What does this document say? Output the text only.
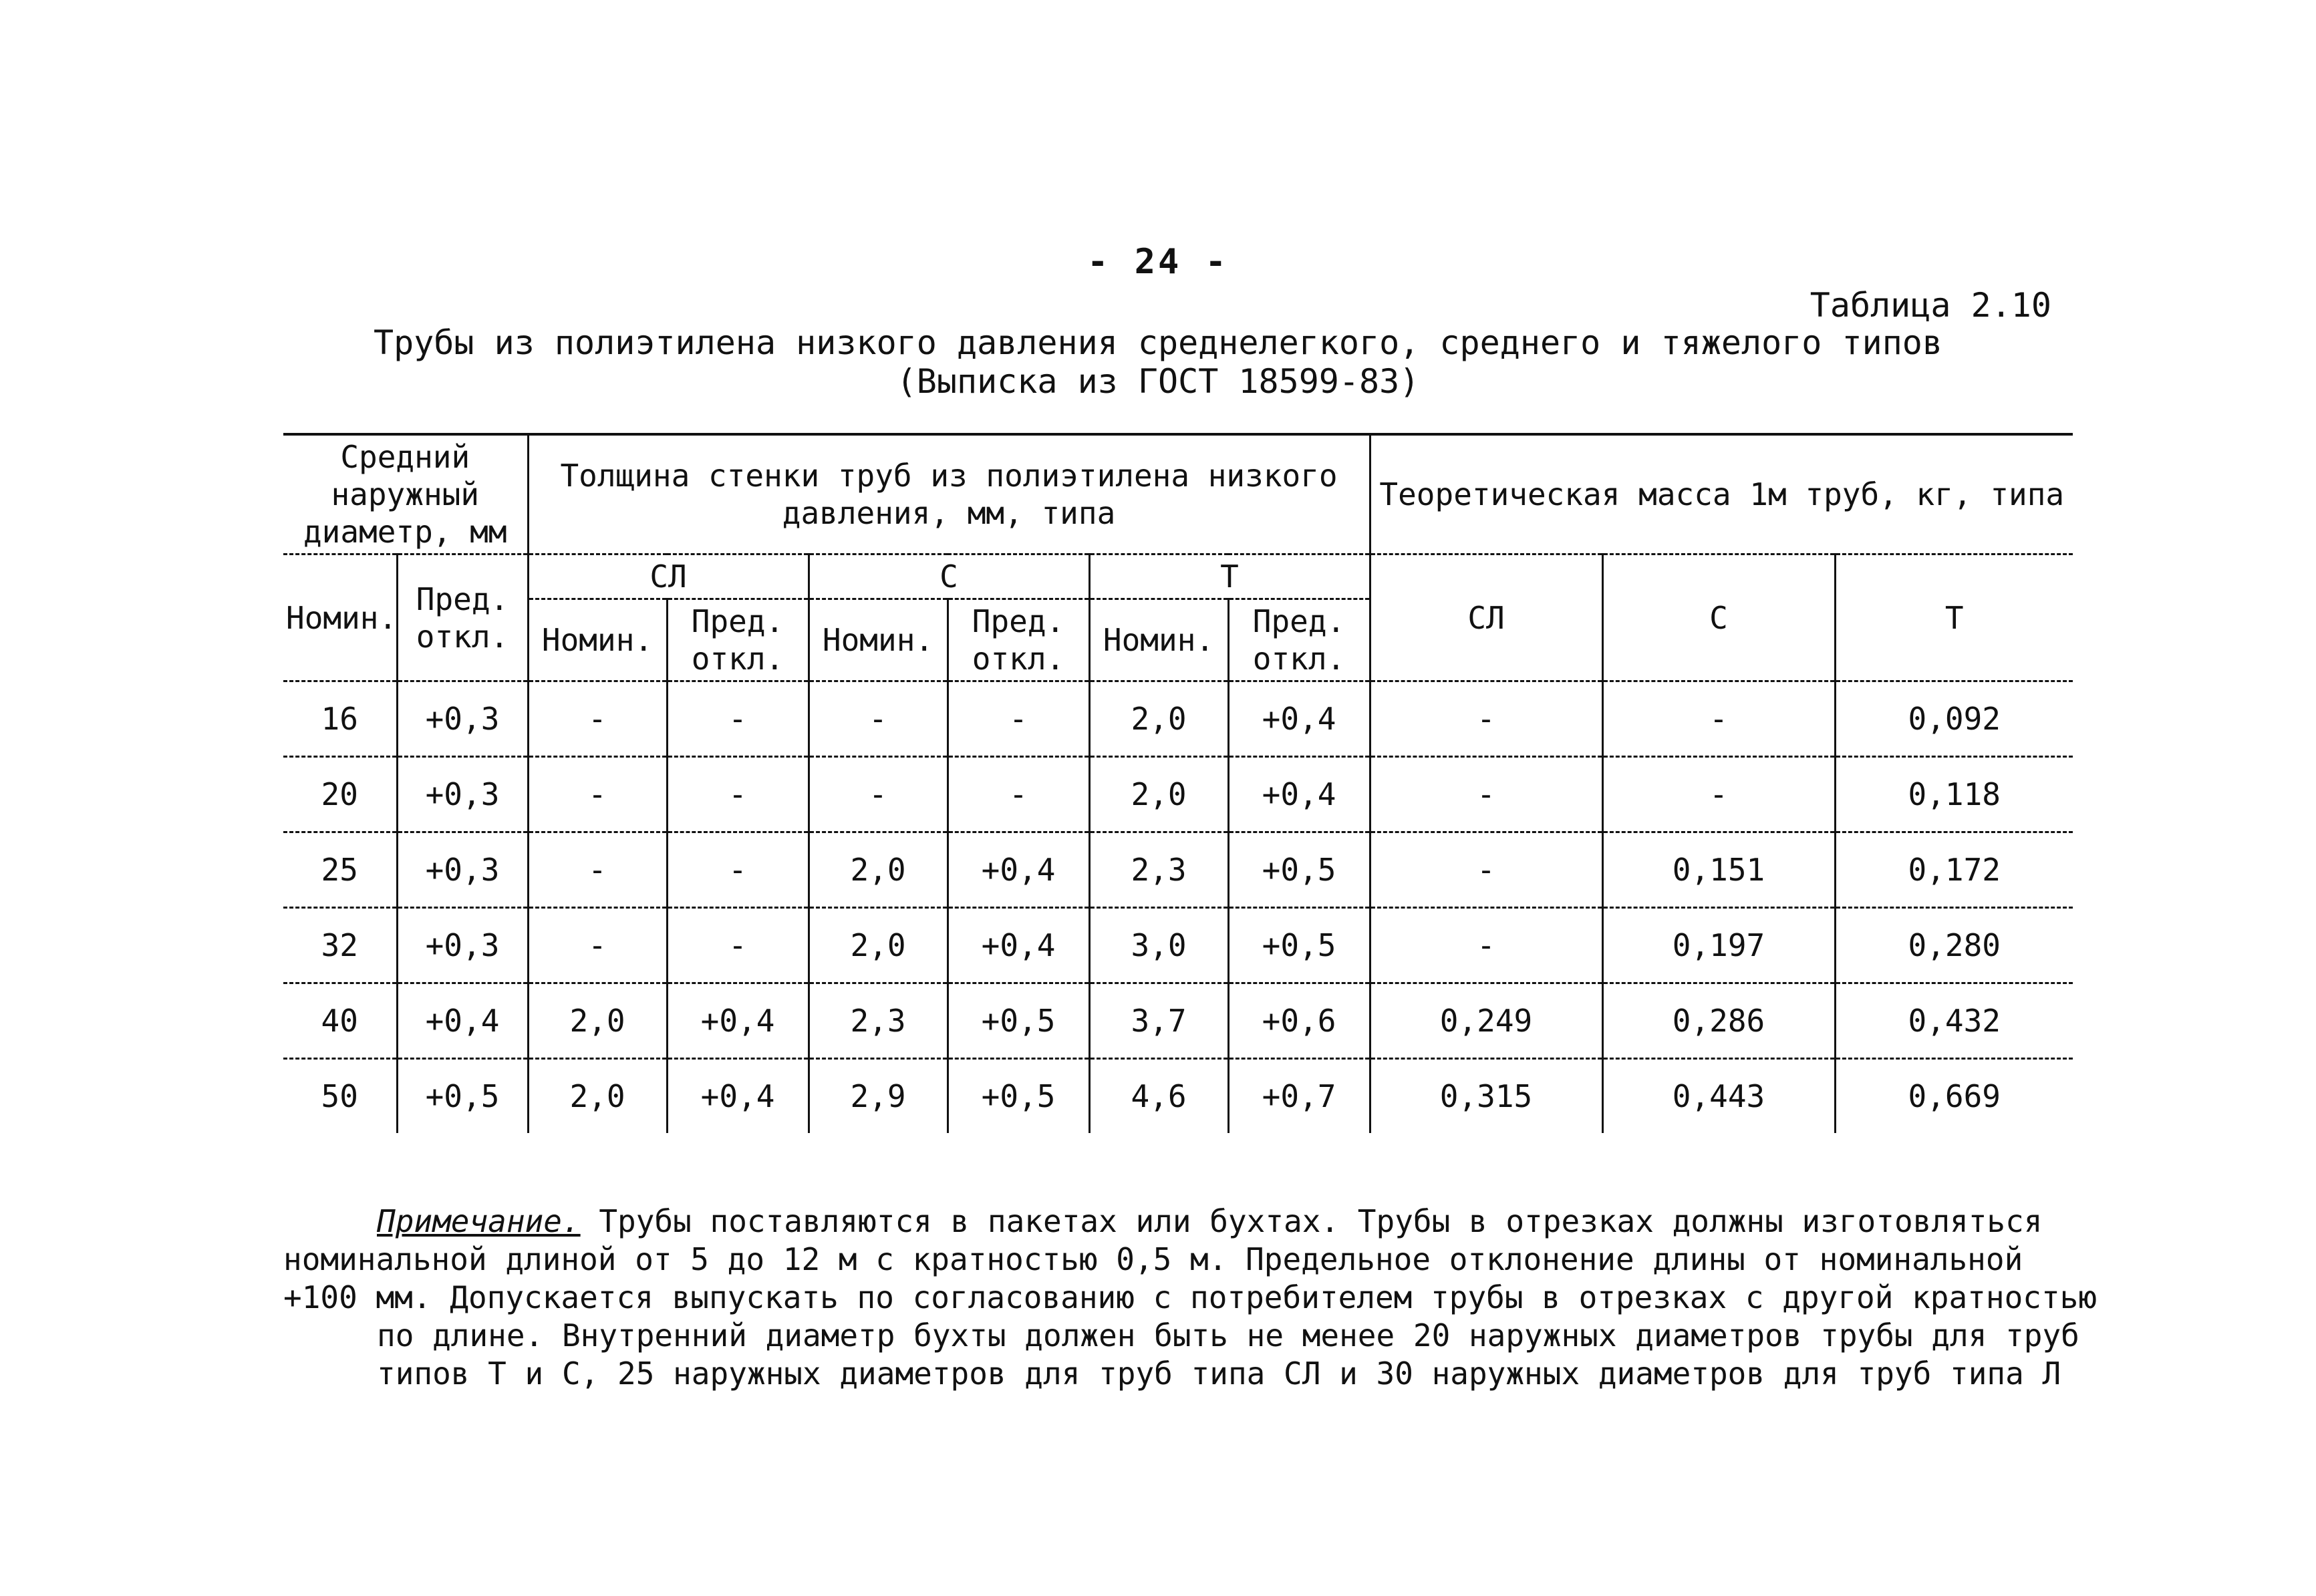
- 24 -
Таблица 2.10
Трубы из полиэтилена низкого давления среднелегкого, среднего и тяжелого типов
(Выписка из ГОСТ 18599-83)
Средний наружный диаметр, мм		Толщина стенки труб из полиэтилена низкого давления, мм, типа						Теоретическая масса 1м труб, кг, типа		
Номин.	Пред. откл.	СЛ		С		Т		СЛ	С	Т
		Номин.	Пред. откл.	Номин.	Пред. откл.	Номин.	Пред. откл.			
16	+0,3	-	-	-	-	2,0	+0,4	-	-	0,092
20	+0,3	-	-	-	-	2,0	+0,4	-	-	0,118
25	+0,3	-	-	2,0	+0,4	2,3	+0,5	-	0,151	0,172
32	+0,3	-	-	2,0	+0,4	3,0	+0,5	-	0,197	0,280
40	+0,4	2,0	+0,4	2,3	+0,5	3,7	+0,6	0,249	0,286	0,432
50	+0,5	2,0	+0,4	2,9	+0,5	4,6	+0,7	0,315	0,443	0,669
Примечание. Трубы поставляются в пакетах или бухтах. Трубы в отрезках должны изготовляться
номинальной длиной от 5 до 12 м с кратностью 0,5 м. Предельное отклонение длины от номинальной
+100 мм. Допускается выпускать по согласованию с потребителем трубы в отрезках с другой кратностью
по длине. Внутренний диаметр бухты должен быть не менее 20 наружных диаметров трубы для труб
типов Т и С, 25 наружных диаметров для труб типа СЛ и 30 наружных диаметров для труб типа Л
